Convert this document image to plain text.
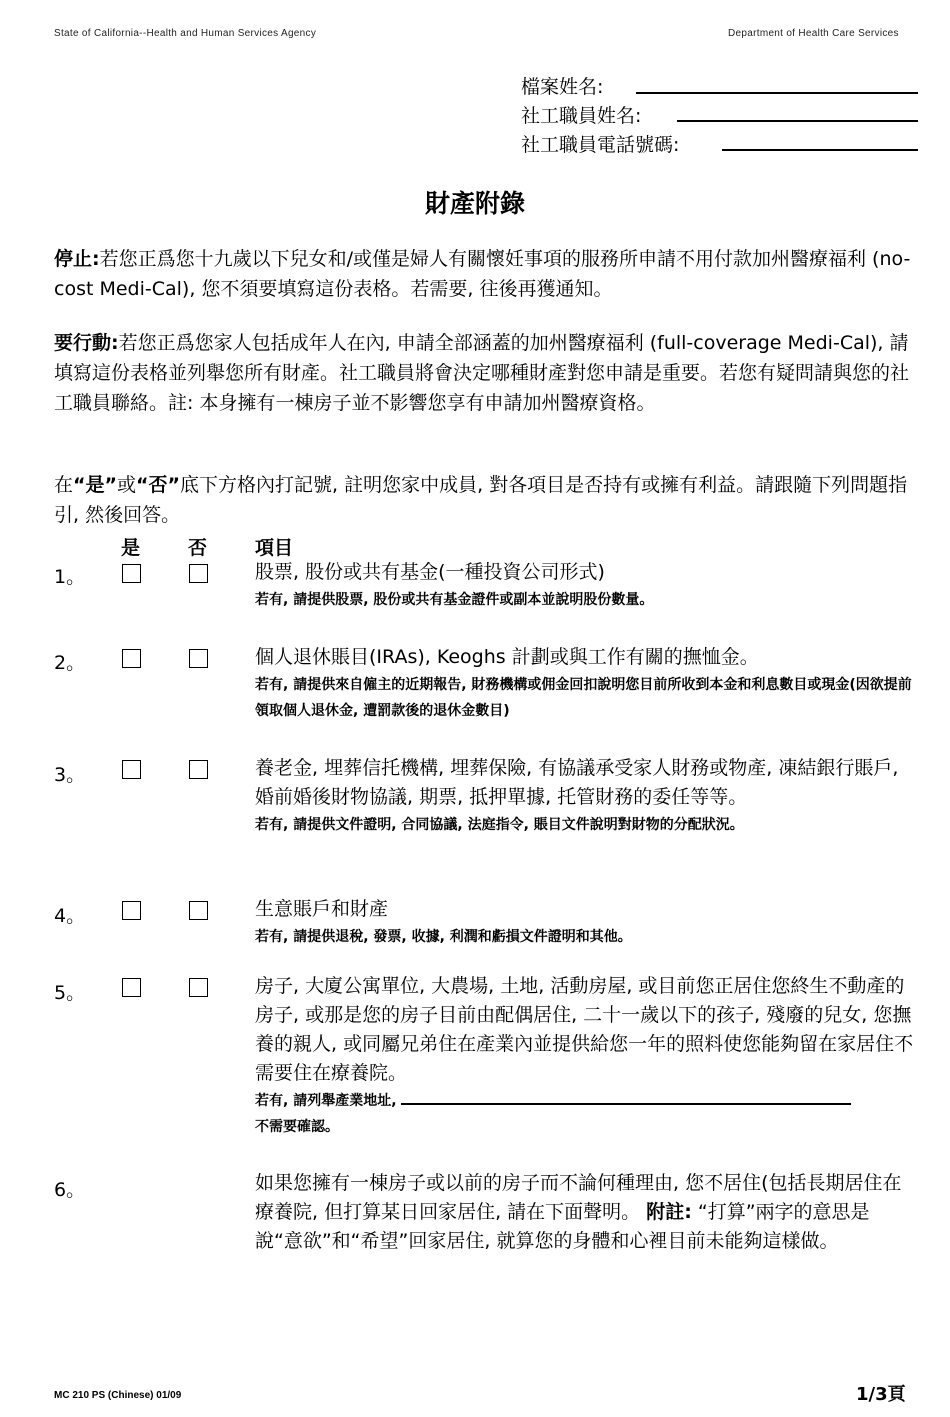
State of California--Health and Human Services Agency	Department of Health Care Services
檔案姓名:
社工職員姓名:
社工職員電話號碼:
財產附錄
停止:若您正爲您十九歲以下兒女和/或僅是婦人有關懷妊事項的服務所申請不用付款加州醫療福利 (no-cost Medi-Cal), 您不須要填寫這份表格。若需要, 往後再獲通知。
要行動:若您正爲您家人包括成年人在內, 申請全部涵蓋的加州醫療福利 (full-coverage Medi-Cal), 請填寫這份表格並列舉您所有財產。社工職員將會決定哪種財產對您申請是重要。若您有疑問請與您的社工職員聯絡。註: 本身擁有一棟房子並不影響您享有申請加州醫療資格。
在“是”或“否”底下方格內打記號, 註明您家中成員, 對各項目是否持有或擁有利益。請跟隨下列問題指引, 然後回答。
是	否	項目
1。	股票, 股份或共有基金(一種投資公司形式)
若有, 請提供股票, 股份或共有基金證件或副本並說明股份數量。
2。	個人退休賬目(IRAs), Keoghs 計劃或與工作有關的撫恤金。
若有, 請提供來自僱主的近期報告, 財務機構或佣金回扣說明您目前所收到本金和利息數目或現金(因欲提前領取個人退休金, 遭罰款後的退休金數目)
3。	養老金, 埋葬信托機構, 埋葬保險, 有協議承受家人財務或物產, 凍結銀行賬戶, 婚前婚後財物協議, 期票, 抵押單據, 托管財務的委任等等。
若有, 請提供文件證明, 合同協議, 法庭指令, 賬目文件說明對財物的分配狀況。
4。	生意賬戶和財產
若有, 請提供退稅, 發票, 收據, 利潤和虧損文件證明和其他。
5。	房子, 大廈公寓單位, 大農場, 土地, 活動房屋, 或目前您正居住您終生不動產的房子, 或那是您的房子目前由配偶居住, 二十一歲以下的孩子, 殘廢的兒女, 您撫養的親人, 或同屬兄弟住在產業內並提供給您一年的照料使您能夠留在家居住不需要住在療養院。
若有, 請列舉產業地址,
不需要確認。
6。	如果您擁有一棟房子或以前的房子而不論何種理由, 您不居住(包括長期居住在療養院, 但打算某日回家居住, 請在下面聲明。 附註: “打算”兩字的意思是說“意欲”和“希望”回家居住, 就算您的身體和心裡目前未能夠這樣做。
MC 210 PS (Chinese) 01/09	1/3頁
